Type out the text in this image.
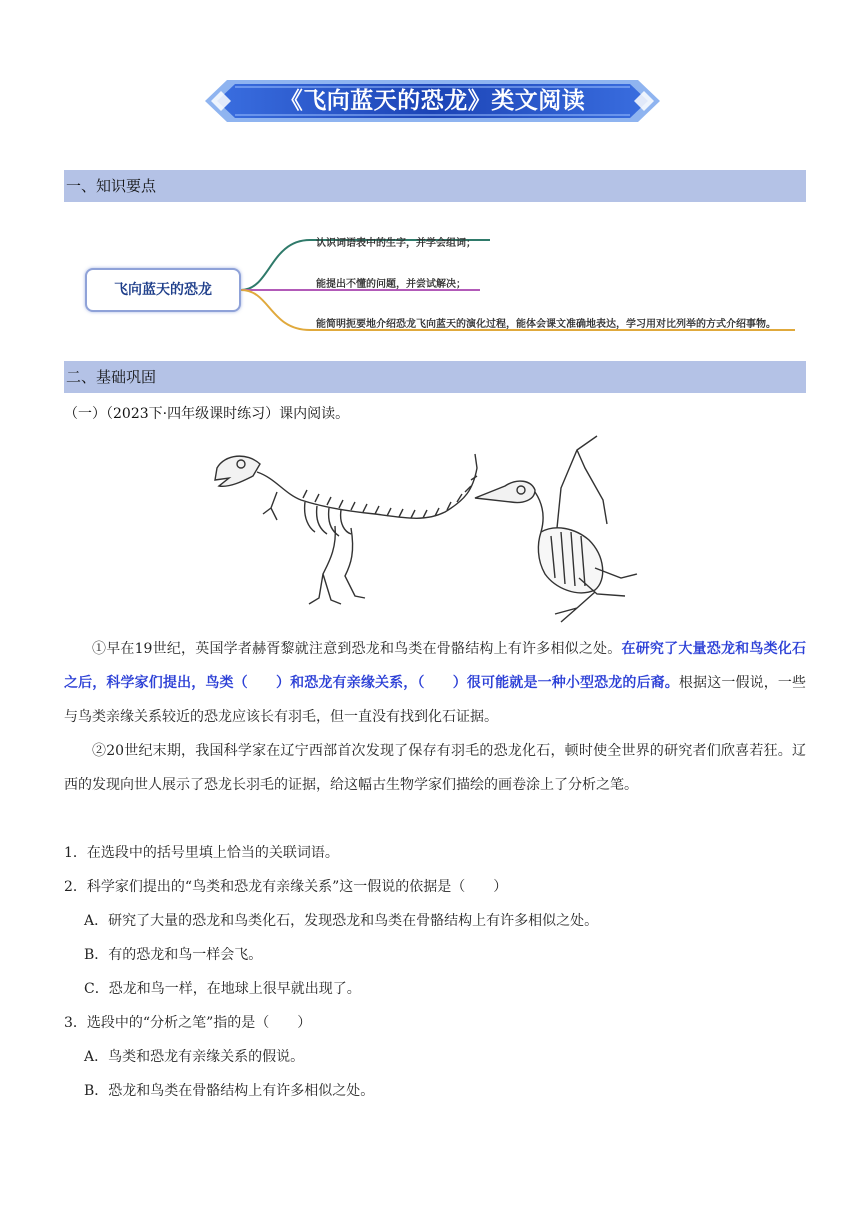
《飞向蓝天的恐龙》类文阅读
一、知识要点
飞向蓝天的恐龙
认识词语表中的生字，并学会组词；
能提出不懂的问题，并尝试解决；
能简明扼要地介绍恐龙飞向蓝天的演化过程，能体会课文准确地表达，学习用对比列举的方式介绍事物。
二、基础巩固
（一）（2023下·四年级课时练习）课内阅读。
①早在19世纪，英国学者赫胥黎就注意到恐龙和鸟类在骨骼结构上有许多相似之处。在研究了大量恐龙和鸟类化石之后，科学家们提出，鸟类（　　）和恐龙有亲缘关系，（　　）很可能就是一种小型恐龙的后裔。根据这一假说，一些与鸟类亲缘关系较近的恐龙应该长有羽毛，但一直没有找到化石证据。
②20世纪末期，我国科学家在辽宁西部首次发现了保存有羽毛的恐龙化石，顿时使全世界的研究者们欣喜若狂。辽西的发现向世人展示了恐龙长羽毛的证据，给这幅古生物学家们描绘的画卷涂上了分析之笔。
1．在选段中的括号里填上恰当的关联词语。
2．科学家们提出的“鸟类和恐龙有亲缘关系”这一假说的依据是（　　）
A．研究了大量的恐龙和鸟类化石，发现恐龙和鸟类在骨骼结构上有许多相似之处。
B．有的恐龙和鸟一样会飞。
C．恐龙和鸟一样，在地球上很早就出现了。
3．选段中的“分析之笔”指的是（　　）
A．鸟类和恐龙有亲缘关系的假说。
B．恐龙和鸟类在骨骼结构上有许多相似之处。
